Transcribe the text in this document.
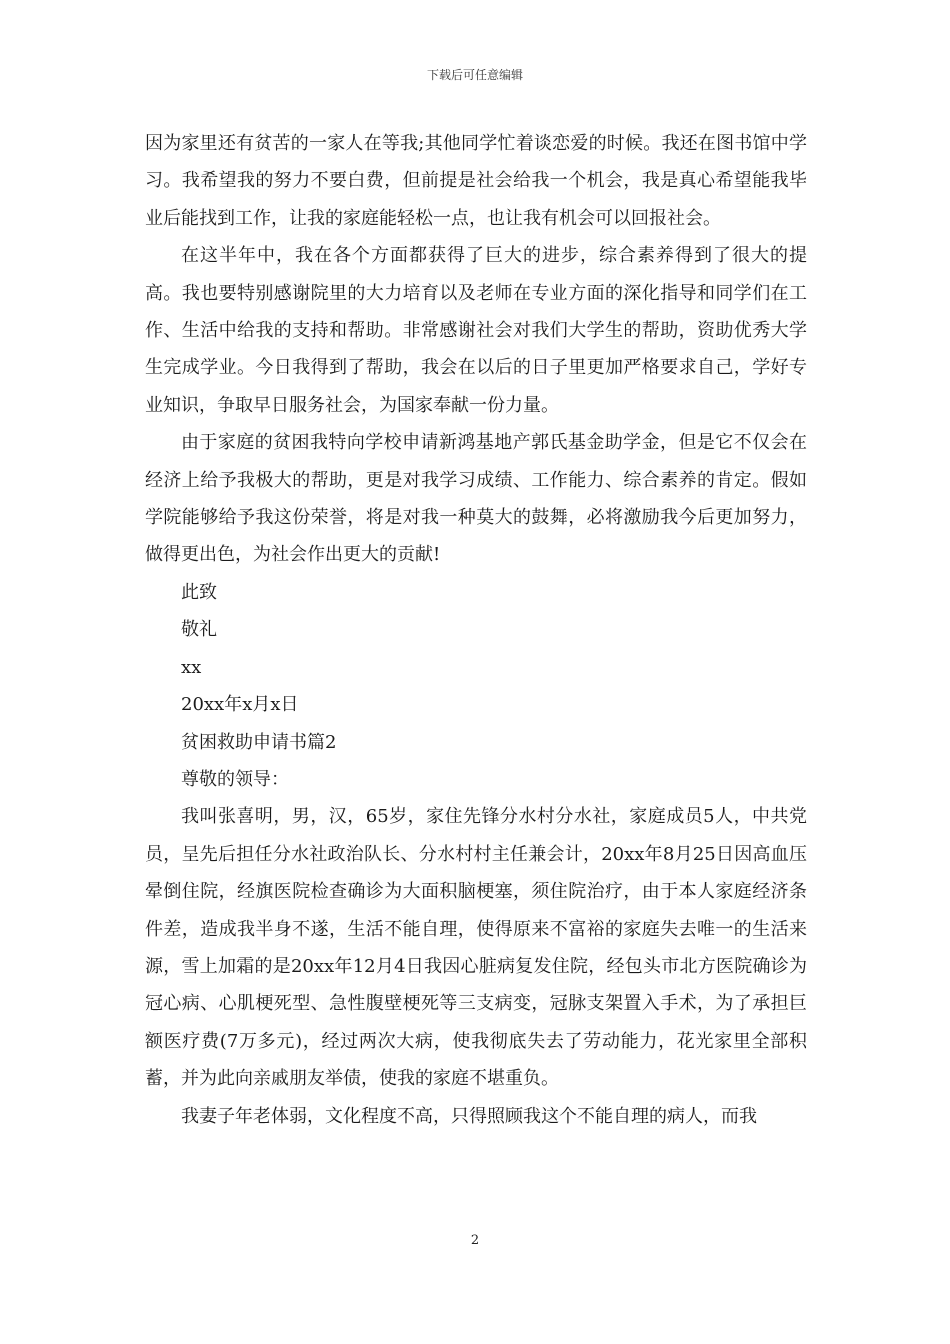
下载后可任意编辑

因为家里还有贫苦的一家人在等我;其他同学忙着谈恋爱的时候。我还在图书馆中学习。我希望我的努力不要白费，但前提是社会给我一个机会，我是真心希望能我毕业后能找到工作，让我的家庭能轻松一点，也让我有机会可以回报社会。

在这半年中，我在各个方面都获得了巨大的进步，综合素养得到了很大的提高。我也要特别感谢院里的大力培育以及老师在专业方面的深化指导和同学们在工作、生活中给我的支持和帮助。非常感谢社会对我们大学生的帮助，资助优秀大学生完成学业。今日我得到了帮助，我会在以后的日子里更加严格要求自己，学好专业知识，争取早日服务社会，为国家奉献一份力量。

由于家庭的贫困我特向学校申请新鸿基地产郭氏基金助学金，但是它不仅会在经济上给予我极大的帮助，更是对我学习成绩、工作能力、综合素养的肯定。假如学院能够给予我这份荣誉，将是对我一种莫大的鼓舞，必将激励我今后更加努力，做得更出色，为社会作出更大的贡献!

此致

敬礼

xx

20xx年x月x日

贫困救助申请书篇2

尊敬的领导：

我叫张喜明，男，汉，65岁，家住先锋分水村分水社，家庭成员5人，中共党员，呈先后担任分水社政治队长、分水村村主任兼会计，20xx年8月25日因高血压晕倒住院，经旗医院检查确诊为大面积脑梗塞，须住院治疗，由于本人家庭经济条件差，造成我半身不遂，生活不能自理，使得原来不富裕的家庭失去唯一的生活来源，雪上加霜的是20xx年12月4日我因心脏病复发住院，经包头市北方医院确诊为冠心病、心肌梗死型、急性腹壁梗死等三支病变，冠脉支架置入手术，为了承担巨额医疗费(7万多元)，经过两次大病，使我彻底失去了劳动能力，花光家里全部积蓄，并为此向亲戚朋友举债，使我的家庭不堪重负。

我妻子年老体弱，文化程度不高，只得照顾我这个不能自理的病人，而我

2
